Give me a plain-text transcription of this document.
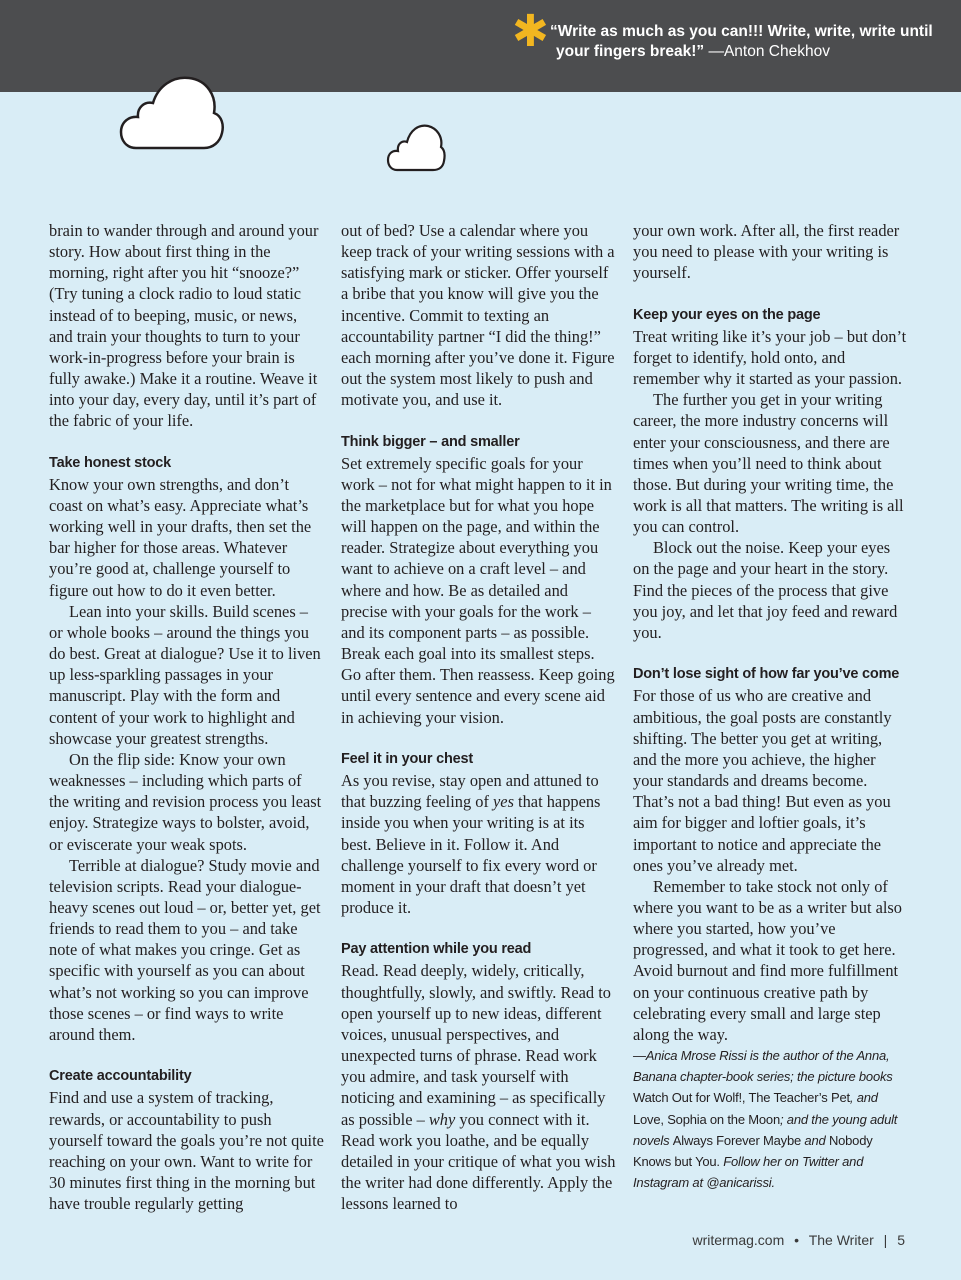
✱ “Write as much as you can!!! Write, write, write until
your fingers break!” —Anton Chekhov

brain to wander through and around your story. How about first thing in the morning, right after you hit “snooze?” (Try tuning a clock radio to loud static instead of to beeping, music, or news, and train your thoughts to turn to your work-in-progress before your brain is fully awake.) Make it a routine. Weave it into your day, every day, until it’s part of the fabric of your life.

Take honest stock

Know your own strengths, and don’t coast on what’s easy. Appreciate what’s working well in your drafts, then set the bar higher for those areas. Whatever you’re good at, challenge yourself to figure out how to do it even better.

Lean into your skills. Build scenes – or whole books – around the things you do best. Great at dialogue? Use it to liven up less-sparkling passages in your manuscript. Play with the form and content of your work to highlight and showcase your greatest strengths.

On the flip side: Know your own weaknesses – including which parts of the writing and revision process you least enjoy. Strategize ways to bolster, avoid, or eviscerate your weak spots.

Terrible at dialogue? Study movie and television scripts. Read your dialogue-heavy scenes out loud – or, better yet, get friends to read them to you – and take note of what makes you cringe. Get as specific with yourself as you can about what’s not working so you can improve those scenes – or find ways to write around them.

Create accountability

Find and use a system of tracking, rewards, or accountability to push yourself toward the goals you’re not quite reaching on your own. Want to write for 30 minutes first thing in the morning but have trouble regularly getting

out of bed? Use a calendar where you keep track of your writing sessions with a satisfying mark or sticker. Offer yourself a bribe that you know will give you the incentive. Commit to texting an accountability partner “I did the thing!” each morning after you’ve done it. Figure out the system most likely to push and motivate you, and use it.

Think bigger – and smaller

Set extremely specific goals for your work – not for what might happen to it in the marketplace but for what you hope will happen on the page, and within the reader. Strategize about everything you want to achieve on a craft level – and where and how. Be as detailed and precise with your goals for the work – and its component parts – as possible. Break each goal into its smallest steps. Go after them. Then reassess. Keep going until every sentence and every scene aid in achieving your vision.

Feel it in your chest

As you revise, stay open and attuned to that buzzing feeling of yes that happens inside you when your writing is at its best. Believe in it. Follow it. And challenge yourself to fix every word or moment in your draft that doesn’t yet produce it.

Pay attention while you read

Read. Read deeply, widely, critically, thoughtfully, slowly, and swiftly. Read to open yourself up to new ideas, different voices, unusual perspectives, and unexpected turns of phrase. Read work you admire, and task yourself with noticing and examining – as specifically as possible – why you connect with it. Read work you loathe, and be equally detailed in your critique of what you wish the writer had done differently. Apply the lessons learned to

your own work. After all, the first reader you need to please with your writing is yourself.

Keep your eyes on the page

Treat writing like it’s your job – but don’t forget to identify, hold onto, and remember why it started as your passion.

The further you get in your writing career, the more industry concerns will enter your consciousness, and there are times when you’ll need to think about those. But during your writing time, the work is all that matters. The writing is all you can control.

Block out the noise. Keep your eyes on the page and your heart in the story. Find the pieces of the process that give you joy, and let that joy feed and reward you.

Don’t lose sight of how far you’ve come

For those of us who are creative and ambitious, the goal posts are constantly shifting. The better you get at writing, and the more you achieve, the higher your standards and dreams become. That’s not a bad thing! But even as you aim for bigger and loftier goals, it’s important to notice and appreciate the ones you’ve already met.

Remember to take stock not only of where you want to be as a writer but also where you started, how you’ve progressed, and what it took to get here. Avoid burnout and find more fulfillment on your continuous creative path by celebrating every small and large step along the way.

—Anica Mrose Rissi is the author of the Anna, Banana chapter-book series; the picture books Watch Out for Wolf!, The Teacher’s Pet, and Love, Sophia on the Moon; and the young adult novels Always Forever Maybe and Nobody Knows but You. Follow her on Twitter and Instagram at @anicarissi.

writermag.com • The Writer | 5
